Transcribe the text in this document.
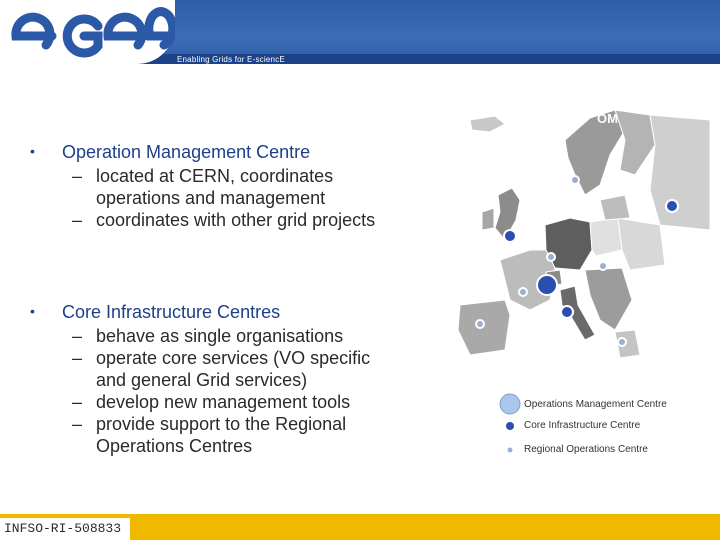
Enabling Grids for E-sciencE
• Operation Management Centre
– located at CERN, coordinates operations and management
– coordinates with other grid projects
• Core Infrastructure Centres
– behave as single organisations
– operate core services (VO specific and general Grid services)
– develop new management tools
– provide support to the Regional Operations Centres
OM
Operations Management Centre
Core Infrastructure Centre
Regional Operations Centre
INFSO-RI-508833
